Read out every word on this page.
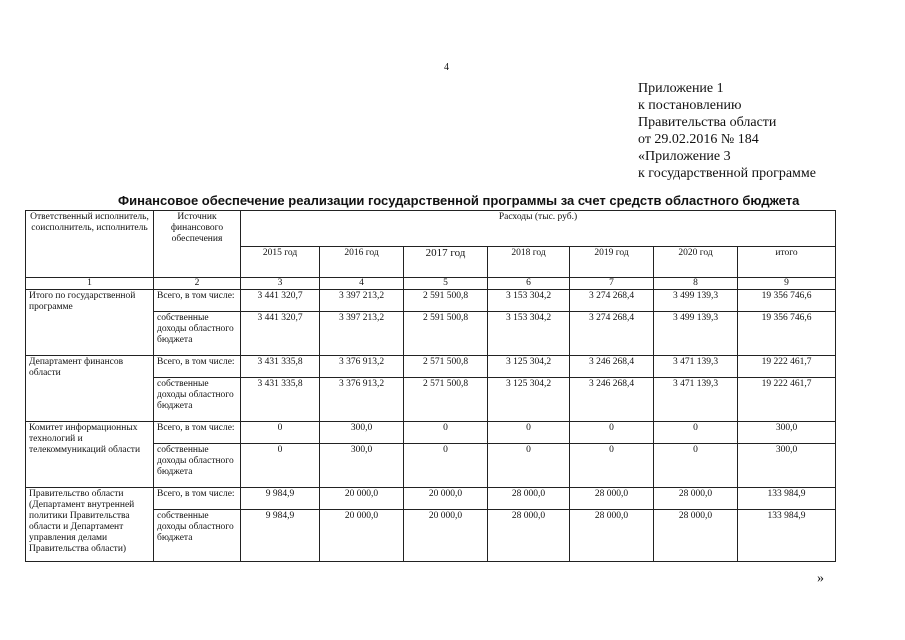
4
Приложение 1
к постановлению
Правительства области
от 29.02.2016 № 184
«Приложение 3
к государственной программе
Финансовое обеспечение реализации государственной программы за счет средств областного бюджета
Ответственный исполнитель, соисполнитель, исполнитель	Источник финансового обеспечения	Расходы (тыс. руб.)						
		2015 год	2016 год	2017 год	2018 год	2019 год	2020 год	итого
1	2	3	4	5	6	7	8	9
Итого по государственной программе	Всего, в том числе:	3 441 320,7	3 397 213,2	2 591 500,8	3 153 304,2	3 274 268,4	3 499 139,3	19 356 746,6
	собственные доходы областного бюджета	3 441 320,7	3 397 213,2	2 591 500,8	3 153 304,2	3 274 268,4	3 499 139,3	19 356 746,6
Департамент финансов области	Всего, в том числе:	3 431 335,8	3 376 913,2	2 571 500,8	3 125 304,2	3 246 268,4	3 471 139,3	19 222 461,7
	собственные доходы областного бюджета	3 431 335,8	3 376 913,2	2 571 500,8	3 125 304,2	3 246 268,4	3 471 139,3	19 222 461,7
Комитет информационных технологий и телекоммуникаций области	Всего, в том числе:	0	300,0	0	0	0	0	300,0
	собственные доходы областного бюджета	0	300,0	0	0	0	0	300,0
Правительство области (Департамент внутренней политики Правительства области и Департамент управления делами Правительства области)	Всего, в том числе:	9 984,9	20 000,0	20 000,0	28 000,0	28 000,0	28 000,0	133 984,9
	собственные доходы областного бюджета	9 984,9	20 000,0	20 000,0	28 000,0	28 000,0	28 000,0	133 984,9
»
